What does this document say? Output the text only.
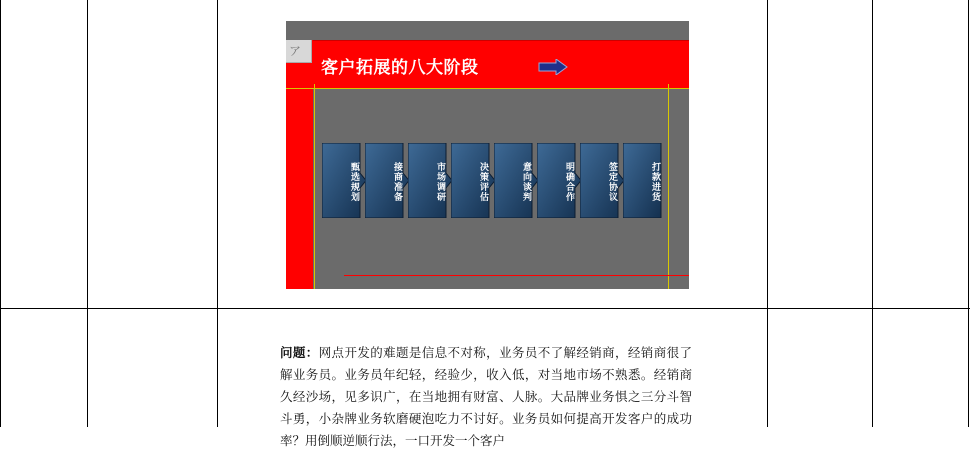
ア
客户拓展的八大阶段
甄选规划	接商准备	市场调研	决策评估	意向谈判	明确合作	签定协议	打款进货

问题：网点开发的难题是信息不对称，业务员不了解经销商，经销商很了解业务员。业务员年纪轻，经验少，收入低，对当地市场不熟悉。经销商久经沙场，见多识广，在当地拥有财富、人脉。大品牌业务惧之三分斗智斗勇，小杂牌业务软磨硬泡吃力不讨好。业务员如何提高开发客户的成功率？用倒顺逆顺行法，一口开发一个客户
